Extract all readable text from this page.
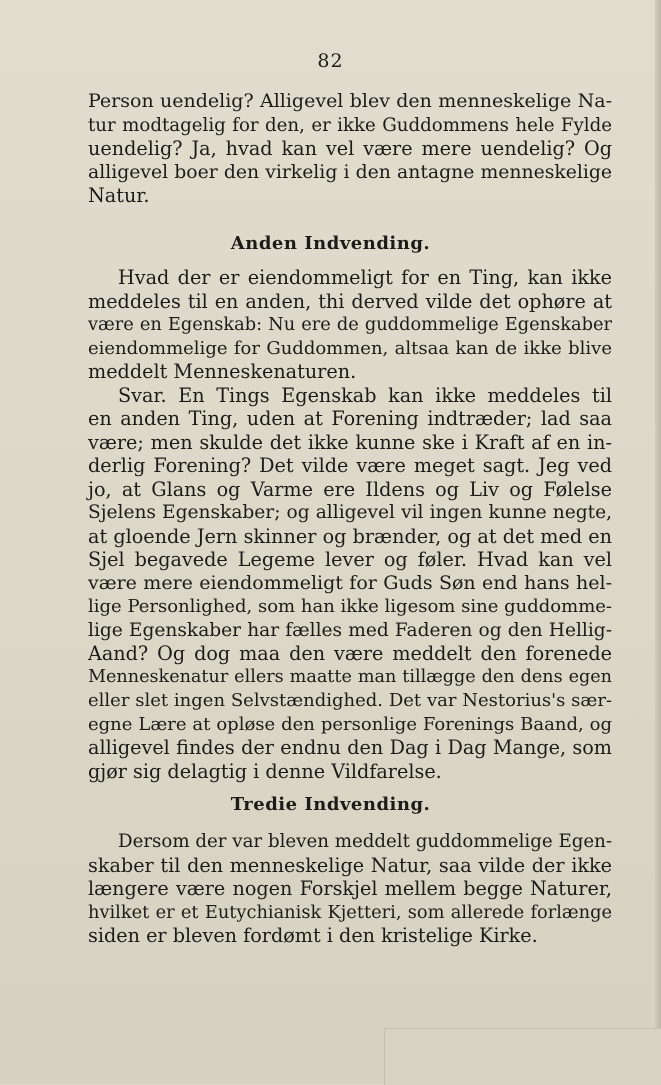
82
Person uendelig? Alligevel blev den menneskelige Na-
tur modtagelig for den, er ikke Guddommens hele Fylde
uendelig? Ja, hvad kan vel være mere uendelig? Og
alligevel boer den virkelig i den antagne menneskelige
Natur.
Anden Indvending.
Hvad der er eiendommeligt for en Ting, kan ikke
meddeles til en anden, thi derved vilde det ophøre at
være en Egenskab: Nu ere de guddommelige Egenskaber
eiendommelige for Guddommen, altsaa kan de ikke blive
meddelt Menneskenaturen.
Svar. En Tings Egenskab kan ikke meddeles til
en anden Ting, uden at Forening indtræder; lad saa
være; men skulde det ikke kunne ske i Kraft af en in-
derlig Forening? Det vilde være meget sagt. Jeg ved
jo, at Glans og Varme ere Ildens og Liv og Følelse
Sjelens Egenskaber; og alligevel vil ingen kunne negte,
at gloende Jern skinner og brænder, og at det med en
Sjel begavede Legeme lever og føler. Hvad kan vel
være mere eiendommeligt for Guds Søn end hans hel-
lige Personlighed, som han ikke ligesom sine guddomme-
lige Egenskaber har fælles med Faderen og den Hellig-
Aand? Og dog maa den være meddelt den forenede
Menneskenatur ellers maatte man tillægge den dens egen
eller slet ingen Selvstændighed. Det var Nestorius's sær-
egne Lære at opløse den personlige Forenings Baand, og
alligevel findes der endnu den Dag i Dag Mange, som
gjør sig delagtig i denne Vildfarelse.
Tredie Indvending.
Dersom der var bleven meddelt guddommelige Egen-
skaber til den menneskelige Natur, saa vilde der ikke
længere være nogen Forskjel mellem begge Naturer,
hvilket er et Eutychianisk Kjetteri, som allerede forlænge
siden er bleven fordømt i den kristelige Kirke.
